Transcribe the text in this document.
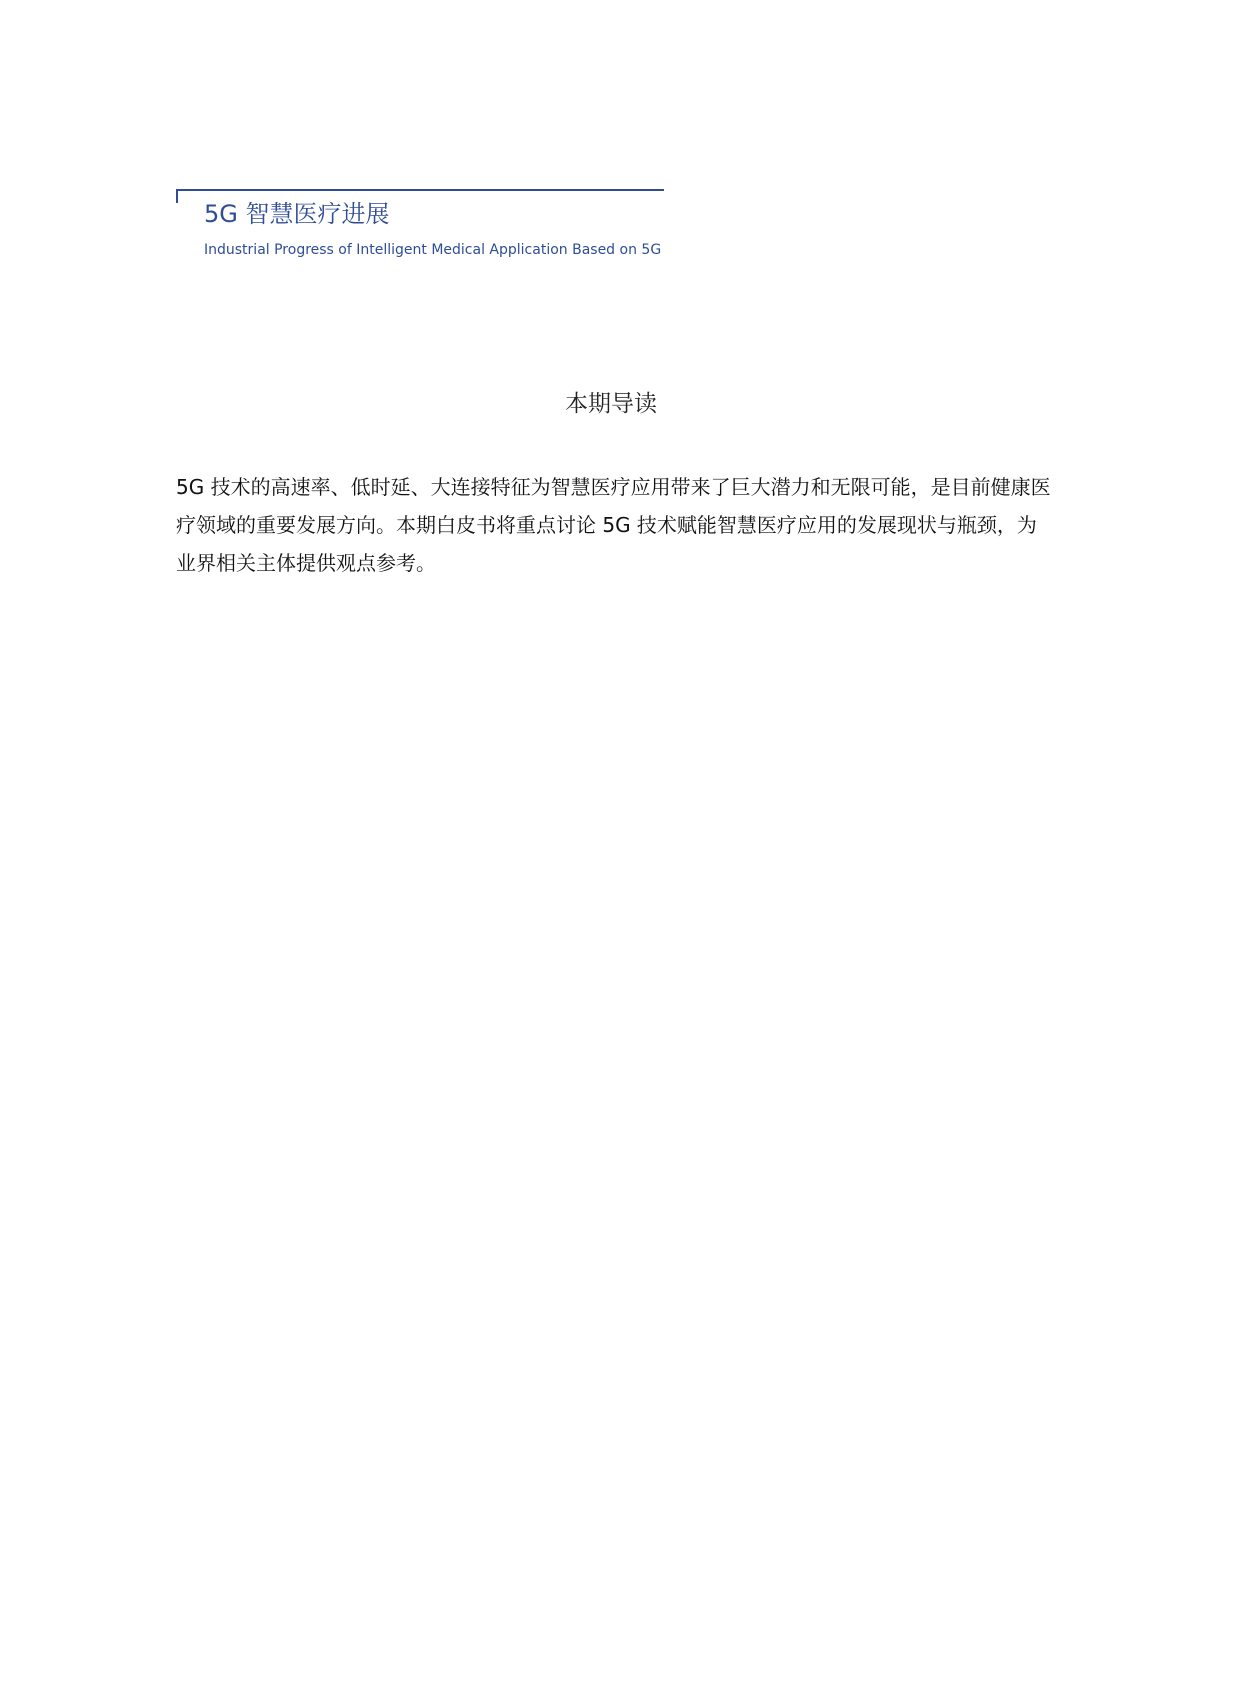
5G 智慧医疗进展
Industrial Progress of Intelligent Medical Application Based on 5G
本期导读
5G 技术的高速率、低时延、大连接特征为智慧医疗应用带来了巨大潜力和无限可能，是目前健康医疗领域的重要发展方向。本期白皮书将重点讨论 5G 技术赋能智慧医疗应用的发展现状与瓶颈，为业界相关主体提供观点参考。
